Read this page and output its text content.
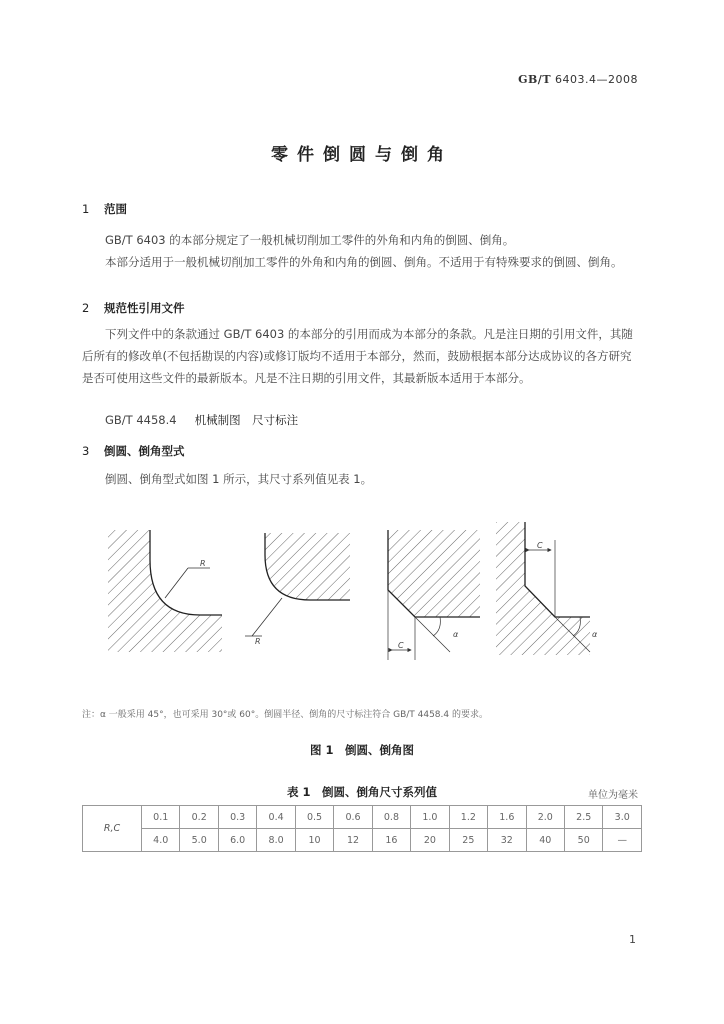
GB/T 6403.4—2008
零件倒圆与倒角
1 范围
GB/T 6403 的本部分规定了一般机械切削加工零件的外角和内角的倒圆、倒角。
本部分适用于一般机械切削加工零件的外角和内角的倒圆、倒角。不适用于有特殊要求的倒圆、倒角。
2 规范性引用文件
下列文件中的条款通过 GB/T 6403 的本部分的引用而成为本部分的条款。凡是注日期的引用文件，其随后所有的修改单(不包括勘误的内容)或修订版均不适用于本部分，然而，鼓励根据本部分达成协议的各方研究是否可使用这些文件的最新版本。凡是不注日期的引用文件，其最新版本适用于本部分。
GB/T 4458.4 机械制图　尺寸标注
3 倒圆、倒角型式
倒圆、倒角型式如图 1 所示，其尺寸系列值见表 1。
R
R	C
α
C
α
注：α 一般采用 45°，也可采用 30°或 60°。倒圆半径、倒角的尺寸标注符合 GB/T 4458.4 的要求。
图 1　倒圆、倒角图
表 1　倒圆、倒角尺寸系列值	单位为毫米
R,C	0.1	0.2	0.3	0.4	0.5	0.6	0.8	1.0	1.2	1.6	2.0	2.5	3.0
	4.0	5.0	6.0	8.0	10	12	16	20	25	32	40	50	—
1
